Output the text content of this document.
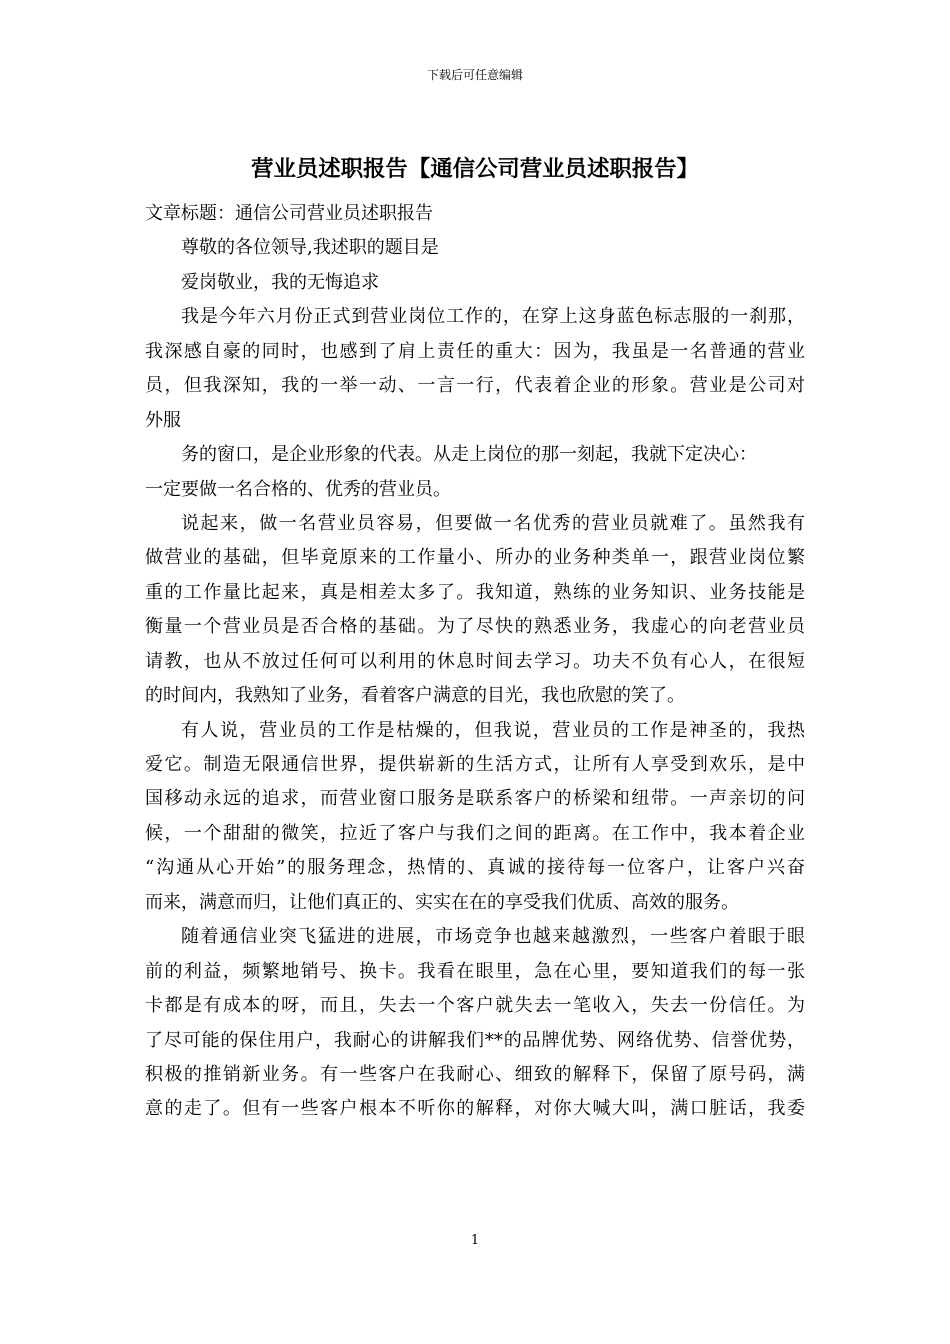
下载后可任意编辑
营业员述职报告【通信公司营业员述职报告】
文章标题：通信公司营业员述职报告
尊敬的各位领导,我述职的题目是
爱岗敬业，我的无悔追求
我是今年六月份正式到营业岗位工作的，在穿上这身蓝色标志服的一刹那，
我深感自豪的同时，也感到了肩上责任的重大：因为，我虽是一名普通的营业
员，但我深知，我的一举一动、一言一行，代表着企业的形象。营业是公司对
外服
务的窗口，是企业形象的代表。从走上岗位的那一刻起，我就下定决心：
一定要做一名合格的、优秀的营业员。
说起来，做一名营业员容易，但要做一名优秀的营业员就难了。虽然我有
做营业的基础，但毕竟原来的工作量小、所办的业务种类单一，跟营业岗位繁
重的工作量比起来，真是相差太多了。我知道，熟练的业务知识、业务技能是
衡量一个营业员是否合格的基础。为了尽快的熟悉业务，我虚心的向老营业员
请教，也从不放过任何可以利用的休息时间去学习。功夫不负有心人，在很短
的时间内，我熟知了业务，看着客户满意的目光，我也欣慰的笑了。
有人说，营业员的工作是枯燥的，但我说，营业员的工作是神圣的，我热
爱它。制造无限通信世界，提供崭新的生活方式，让所有人享受到欢乐，是中
国移动永远的追求，而营业窗口服务是联系客户的桥梁和纽带。一声亲切的问
候，一个甜甜的微笑，拉近了客户与我们之间的距离。在工作中，我本着企业
“沟通从心开始”的服务理念，热情的、真诚的接待每一位客户，让客户兴奋
而来，满意而归，让他们真正的、实实在在的享受我们优质、高效的服务。
随着通信业突飞猛进的进展，市场竞争也越来越激烈，一些客户着眼于眼
前的利益，频繁地销号、换卡。我看在眼里，急在心里，要知道我们的每一张
卡都是有成本的呀，而且，失去一个客户就失去一笔收入，失去一份信任。为
了尽可能的保住用户，我耐心的讲解我们**的品牌优势、网络优势、信誉优势，
积极的推销新业务。有一些客户在我耐心、细致的解释下，保留了原号码，满
意的走了。但有一些客户根本不听你的解释，对你大喊大叫，满口脏话，我委
1
